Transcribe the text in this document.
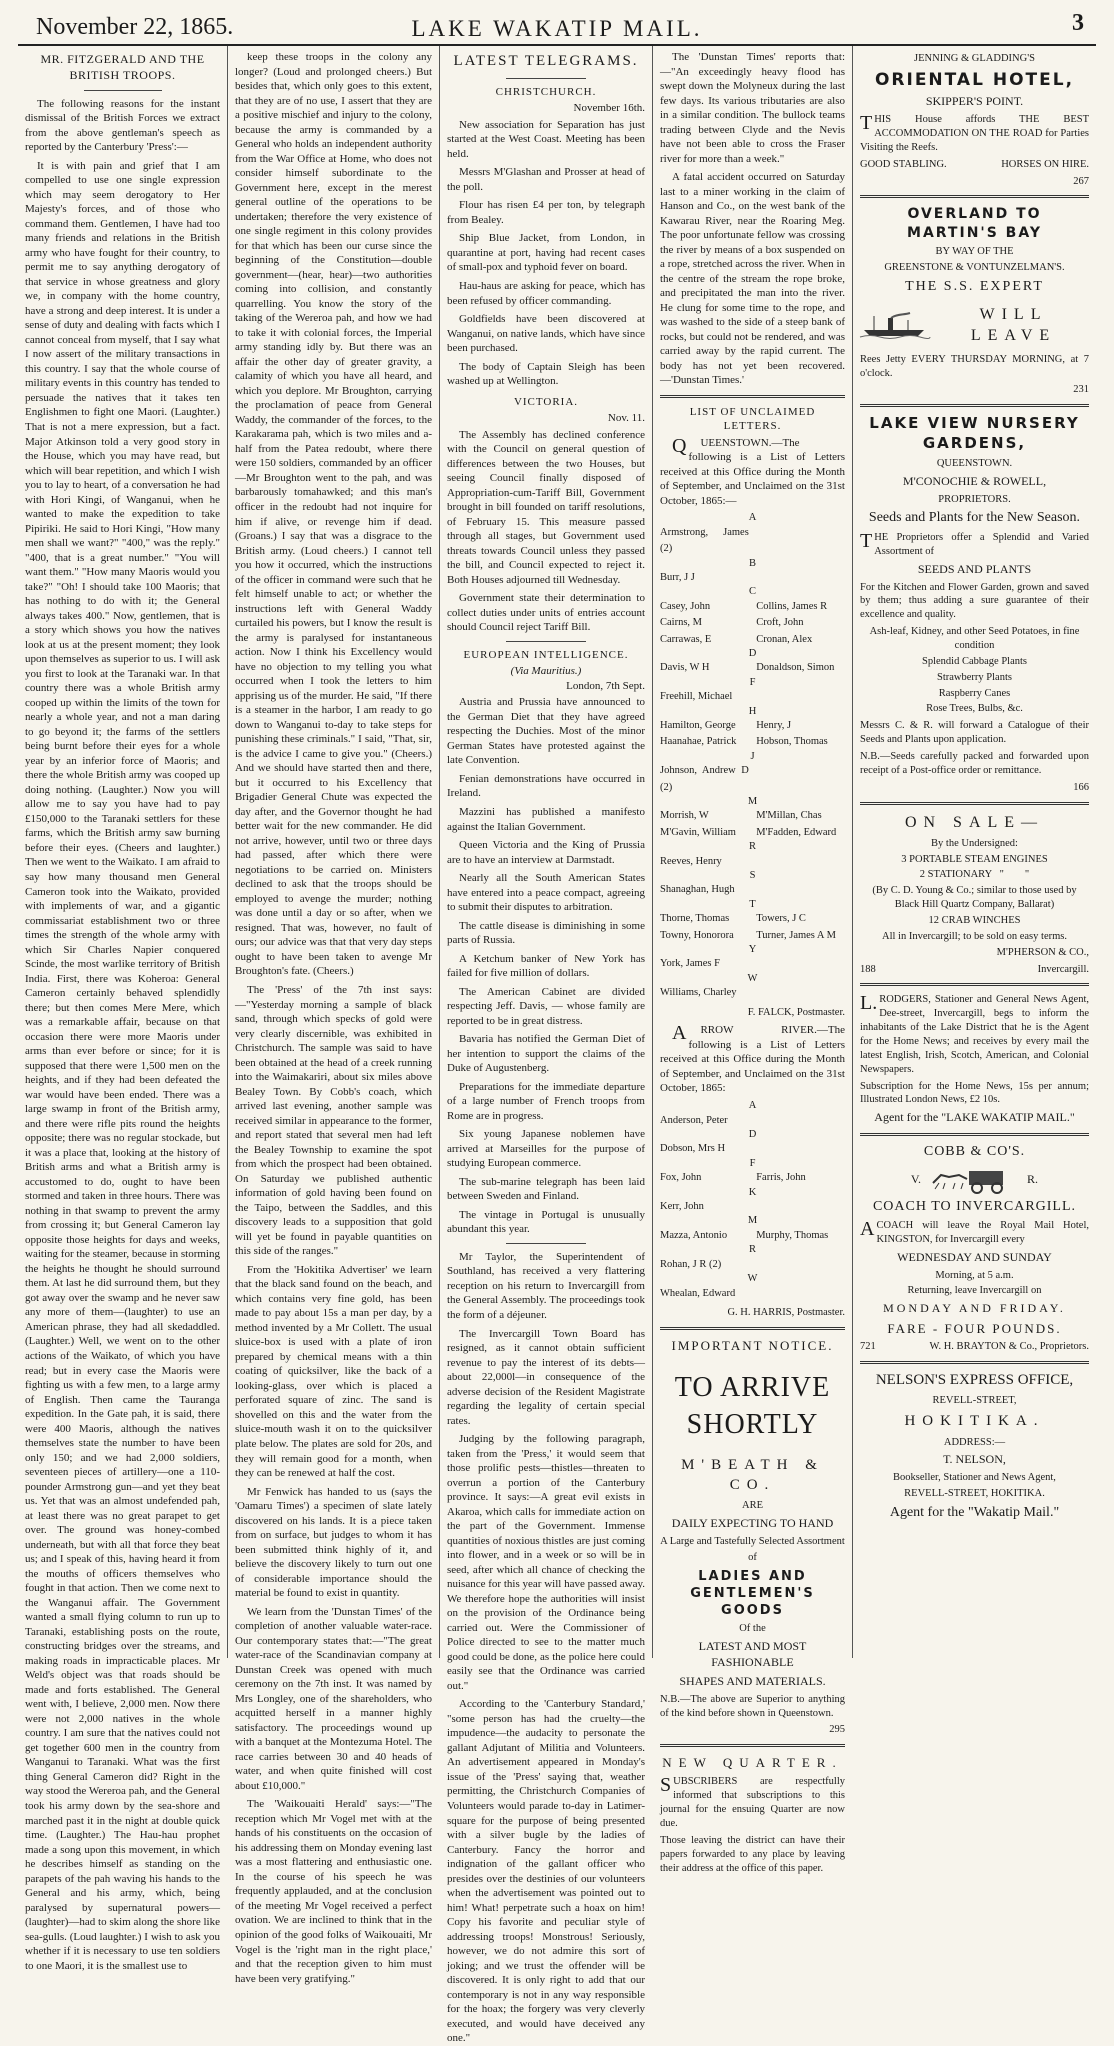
November 22, 1865.	LAKE WAKATIP MAIL.	3
MR. FITZGERALD AND THE BRITISH TROOPS.

The following reasons for the instant dismissal of the British Forces we extract from the above gentleman's speech as reported by the Canterbury 'Press':—

It is with pain and grief that I am compelled to use one single expression which may seem derogatory to Her Majesty's forces, and of those who command them. Gentlemen, I have had too many friends and relations in the British army who have fought for their country, to permit me to say anything derogatory of that service in whose greatness and glory we, in company with the home country, have a strong and deep interest. It is under a sense of duty and dealing with facts which I cannot conceal from myself, that I say what I now assert of the military transactions in this country. I say that the whole course of military events in this country has tended to persuade the natives that it takes ten Englishmen to fight one Maori. (Laughter.) That is not a mere expression, but a fact. Major Atkinson told a very good story in the House, which you may have read, but which will bear repetition, and which I wish you to lay to heart, of a conversation he had with Hori Kingi, of Wanganui, when he wanted to make the expedition to take Pipiriki. He said to Hori Kingi, "How many men shall we want?" "400," was the reply." "400, that is a great number." "You will want them." "How many Maoris would you take?" "Oh! I should take 100 Maoris; that has nothing to do with it; the General always takes 400." Now, gentlemen, that is a story which shows you how the natives look at us at the present moment; they look upon themselves as superior to us. I will ask you first to look at the Taranaki war. In that country there was a whole British army cooped up within the limits of the town for nearly a whole year, and not a man daring to go beyond it; the farms of the settlers being burnt before their eyes for a whole year by an inferior force of Maoris; and there the whole British army was cooped up doing nothing. (Laughter.) Now you will allow me to say you have had to pay £150,000 to the Taranaki settlers for these farms, which the British army saw burning before their eyes. (Cheers and laughter.) Then we went to the Waikato. I am afraid to say how many thousand men General Cameron took into the Waikato, provided with implements of war, and a gigantic commissariat establishment two or three times the strength of the whole army with which Sir Charles Napier conquered Scinde, the most warlike territory of British India. First, there was Koheroa: General Cameron certainly behaved splendidly there; but then comes Mere Mere, which was a remarkable affair, because on that occasion there were more Maoris under arms than ever before or since; for it is supposed that there were 1,500 men on the heights, and if they had been defeated the war would have been ended. There was a large swamp in front of the British army, and there were rifle pits round the heights opposite; there was no regular stockade, but it was a place that, looking at the history of British arms and what a British army is accustomed to do, ought to have been stormed and taken in three hours. There was nothing in that swamp to prevent the army from crossing it; but General Cameron lay opposite those heights for days and weeks, waiting for the steamer, because in storming the heights he thought he should surround them. At last he did surround them, but they got away over the swamp and he never saw any more of them—(laughter) to use an American phrase, they had all skedaddled. (Laughter.) Well, we went on to the other actions of the Waikato, of which you have read; but in every case the Maoris were fighting us with a few men, to a large army of English. Then came the Tauranga expedition. In the Gate pah, it is said, there were 400 Maoris, although the natives themselves state the number to have been only 150; and we had 2,000 soldiers, seventeen pieces of artillery—one a 110-pounder Armstrong gun—and yet they beat us. Yet that was an almost undefended pah, at least there was no great parapet to get over. The ground was honey-combed underneath, but with all that force they beat us; and I speak of this, having heard it from the mouths of officers themselves who fought in that action. Then we come next to the Wanganui affair. The Government wanted a small flying column to run up to Taranaki, establishing posts on the route, constructing bridges over the streams, and making roads in impracticable places. Mr Weld's object was that roads should be made and forts established. The General went with, I believe, 2,000 men. Now there were not 2,000 natives in the whole country. I am sure that the natives could not get together 600 men in the country from Wanganui to Taranaki. What was the first thing General Cameron did? Right in the way stood the Wereroa pah, and the General took his army down by the sea-shore and marched past it in the night at double quick time. (Laughter.) The Hau-hau prophet made a song upon this movement, in which he describes himself as standing on the parapets of the pah waving his hands to the General and his army, which, being paralysed by supernatural powers—(laughter)—had to skim along the shore like sea-gulls. (Loud laughter.) I wish to ask you whether if it is necessary to use ten soldiers to one Maori, it is the smallest use to

keep these troops in the colony any longer? (Loud and prolonged cheers.) But besides that, which only goes to this extent, that they are of no use, I assert that they are a positive mischief and injury to the colony, because the army is commanded by a General who holds an independent authority from the War Office at Home, who does not consider himself subordinate to the Government here, except in the merest general outline of the operations to be undertaken; therefore the very existence of one single regiment in this colony provides for that which has been our curse since the beginning of the Constitution—double government—(hear, hear)—two authorities coming into collision, and constantly quarrelling. You know the story of the taking of the Wereroa pah, and how we had to take it with colonial forces, the Imperial army standing idly by. But there was an affair the other day of greater gravity, a calamity of which you have all heard, and which you deplore. Mr Broughton, carrying the proclamation of peace from General Waddy, the commander of the forces, to the Karakarama pah, which is two miles and a-half from the Patea redoubt, where there were 150 soldiers, commanded by an officer—Mr Broughton went to the pah, and was barbarously tomahawked; and this man's officer in the redoubt had not inquire for him if alive, or revenge him if dead. (Groans.) I say that was a disgrace to the British army. (Loud cheers.) I cannot tell you how it occurred, which the instructions of the officer in command were such that he felt himself unable to act; or whether the instructions left with General Waddy curtailed his powers, but I know the result is the army is paralysed for instantaneous action. Now I think his Excellency would have no objection to my telling you what occurred when I took the letters to him apprising us of the murder. He said, "If there is a steamer in the harbor, I am ready to go down to Wanganui to-day to take steps for punishing these criminals." I said, "That, sir, is the advice I came to give you." (Cheers.) And we should have started then and there, but it occurred to his Excellency that Brigadier General Chute was expected the day after, and the Governor thought he had better wait for the new commander. He did not arrive, however, until two or three days had passed, after which there were negotiations to be carried on. Ministers declined to ask that the troops should be employed to avenge the murder; nothing was done until a day or so after, when we resigned. That was, however, no fault of ours; our advice was that that very day steps ought to have been taken to avenge Mr Broughton's fate. (Cheers.)

The 'Press' of the 7th inst says:—"Yesterday morning a sample of black sand, through which specks of gold were very clearly discernible, was exhibited in Christchurch. The sample was said to have been obtained at the head of a creek running into the Waimakariri, about six miles above Bealey Town. By Cobb's coach, which arrived last evening, another sample was received similar in appearance to the former, and report stated that several men had left the Bealey Township to examine the spot from which the prospect had been obtained. On Saturday we published authentic information of gold having been found on the Taipo, between the Saddles, and this discovery leads to a supposition that gold will yet be found in payable quantities on this side of the ranges."

From the 'Hokitika Advertiser' we learn that the black sand found on the beach, and which contains very fine gold, has been made to pay about 15s a man per day, by a method invented by a Mr Collett. The usual sluice-box is used with a plate of iron prepared by chemical means with a thin coating of quicksilver, like the back of a looking-glass, over which is placed a perforated square of zinc. The sand is shovelled on this and the water from the sluice-mouth wash it on to the quicksilver plate below. The plates are sold for 20s, and they will remain good for a month, when they can be renewed at half the cost.

Mr Fenwick has handed to us (says the 'Oamaru Times') a specimen of slate lately discovered on his lands. It is a piece taken from on surface, but judges to whom it has been submitted think highly of it, and believe the discovery likely to turn out one of considerable importance should the material be found to exist in quantity.

We learn from the 'Dunstan Times' of the completion of another valuable water-race. Our contemporary states that:—"The great water-race of the Scandinavian company at Dunstan Creek was opened with much ceremony on the 7th inst. It was named by Mrs Longley, one of the shareholders, who acquitted herself in a manner highly satisfactory. The proceedings wound up with a banquet at the Montezuma Hotel. The race carries between 30 and 40 heads of water, and when quite finished will cost about £10,000."

The 'Waikouaiti Herald' says:—"The reception which Mr Vogel met with at the hands of his constituents on the occasion of his addressing them on Monday evening last was a most flattering and enthusiastic one. In the course of his speech he was frequently applauded, and at the conclusion of the meeting Mr Vogel received a perfect ovation. We are inclined to think that in the opinion of the good folks of Waikouaiti, Mr Vogel is the 'right man in the right place,' and that the reception given to him must have been very gratifying."

LATEST TELEGRAMS.
CHRISTCHURCH.
November 16th.

New association for Separation has just started at the West Coast. Meeting has been held.

Messrs M'Glashan and Prosser at head of the poll.

Flour has risen £4 per ton, by telegraph from Bealey.

Ship Blue Jacket, from London, in quarantine at port, having had recent cases of small-pox and typhoid fever on board.

Hau-haus are asking for peace, which has been refused by officer commanding.

Goldfields have been discovered at Wanganui, on native lands, which have since been purchased.

The body of Captain Sleigh has been washed up at Wellington.

VICTORIA.
Nov. 11.

The Assembly has declined conference with the Council on general question of differences between the two Houses, but seeing Council finally disposed of Appropriation-cum-Tariff Bill, Government brought in bill founded on tariff resolutions, of February 15. This measure passed through all stages, but Government used threats towards Council unless they passed the bill, and Council expected to reject it. Both Houses adjourned till Wednesday.

Government state their determination to collect duties under units of entries account should Council reject Tariff Bill.

EUROPEAN INTELLIGENCE.
(Via Mauritius.)
London, 7th Sept.

Austria and Prussia have announced to the German Diet that they have agreed respecting the Duchies. Most of the minor German States have protested against the late Convention.

Fenian demonstrations have occurred in Ireland.

Mazzini has published a manifesto against the Italian Government.

Queen Victoria and the King of Prussia are to have an interview at Darmstadt.

Nearly all the South American States have entered into a peace compact, agreeing to submit their disputes to arbitration.

The cattle disease is diminishing in some parts of Russia.

A Ketchum banker of New York has failed for five million of dollars.

The American Cabinet are divided respecting Jeff. Davis, — whose family are reported to be in great distress.

Bavaria has notified the German Diet of her intention to support the claims of the Duke of Augustenberg.

Preparations for the immediate departure of a large number of French troops from Rome are in progress.

Six young Japanese noblemen have arrived at Marseilles for the purpose of studying European commerce.

The sub-marine telegraph has been laid between Sweden and Finland.

The vintage in Portugal is unusually abundant this year.

Mr Taylor, the Superintendent of Southland, has received a very flattering reception on his return to Invercargill from the General Assembly. The proceedings took the form of a déjeuner.

The Invercargill Town Board has resigned, as it cannot obtain sufficient revenue to pay the interest of its debts—about 22,000l—in consequence of the adverse decision of the Resident Magistrate regarding the legality of certain special rates.

Judging by the following paragraph, taken from the 'Press,' it would seem that those prolific pests—thistles—threaten to overrun a portion of the Canterbury province. It says:—A great evil exists in Akaroa, which calls for immediate action on the part of the Government. Immense quantities of noxious thistles are just coming into flower, and in a week or so will be in seed, after which all chance of checking the nuisance for this year will have passed away. We therefore hope the authorities will insist on the provision of the Ordinance being carried out. Were the Commissioner of Police directed to see to the matter much good could be done, as the police here could easily see that the Ordinance was carried out."

According to the 'Canterbury Standard,' "some person has had the cruelty—the impudence—the audacity to personate the gallant Adjutant of Militia and Volunteers. An advertisement appeared in Monday's issue of the 'Press' saying that, weather permitting, the Christchurch Companies of Volunteers would parade to-day in Latimer-square for the purpose of being presented with a silver bugle by the ladies of Canterbury. Fancy the horror and indignation of the gallant officer who presides over the destinies of our volunteers when the advertisement was pointed out to him! What! perpetrate such a hoax on him! Copy his favorite and peculiar style of addressing troops! Monstrous! Seriously, however, we do not admire this sort of joking; and we trust the offender will be discovered. It is only right to add that our contemporary is not in any way responsible for the hoax; the forgery was very cleverly executed, and would have deceived any one."

The 'Dunstan Times' reports that:—"An exceedingly heavy flood has swept down the Molyneux during the last few days. Its various tributaries are also in a similar condition. The bullock teams trading between Clyde and the Nevis have not been able to cross the Fraser river for more than a week."

A fatal accident occurred on Saturday last to a miner working in the claim of Hanson and Co., on the west bank of the Kawarau River, near the Roaring Meg. The poor unfortunate fellow was crossing the river by means of a box suspended on a rope, stretched across the river. When in the centre of the stream the rope broke, and precipitated the man into the river. He clung for some time to the rope, and was washed to the side of a steep bank of rocks, but could not be rendered, and was carried away by the rapid current. The body has not yet been recovered.—'Dunstan Times.'

LIST OF UNCLAIMED LETTERS.

QUEENSTOWN.—The following is a List of Letters received at this Office during the Month of September, and Unclaimed on the 31st October, 1865:—

A
Armstrong, James (2)
B
Burr, J J
C
Casey, John	Collins, James R
Cairns, M	Croft, John
Carrawas, E	Cronan, Alex
D
Davis, W H	Donaldson, Simon
F
Freehill, Michael
H
Hamilton, George	Henry, J
Haanahae, Patrick	Hobson, Thomas
J
Johnson, Andrew D (2)
M
Morrish, W	M'Millan, Chas
M'Gavin, William	M'Fadden, Edward
R
Reeves, Henry
S
Shanaghan, Hugh
T
Thorne, Thomas	Towers, J C
Towny, Honorora	Turner, James A M
Y
York, James F
W
Williams, Charley
F. FALCK, Postmaster.

ARROW RIVER.—The following is a List of Letters received at this Office during the Month of September, and Unclaimed on the 31st October, 1865:

A
Anderson, Peter
D
Dobson, Mrs H
F
Fox, John	Farris, John
K
Kerr, John
M
Mazza, Antonio	Murphy, Thomas
R
Rohan, J R (2)
W
Whealan, Edward
G. H. HARRIS, Postmaster.
IMPORTANT NOTICE.
TO ARRIVE SHORTLY
M'BEATH & CO.
ARE
DAILY EXPECTING TO HAND
A Large and Tastefully Selected Assortment
of
LADIES AND GENTLEMEN'S GOODS
Of the
LATEST AND MOST FASHIONABLE
SHAPES AND MATERIALS.
N.B.—The above are Superior to anything of the kind before shown in Queenstown.
295
NEW QUARTER.
SUBSCRIBERS are respectfully informed that subscriptions to this journal for the ensuing Quarter are now due.
Those leaving the district can have their papers forwarded to any place by leaving their address at the office of this paper.
JENNING & GLADDING'S
ORIENTAL HOTEL,
SKIPPER'S POINT.
THIS House affords THE BEST ACCOMMODATION ON THE ROAD for Parties Visiting the Reefs.
GOOD STABLING.	HORSES ON HIRE.
267
OVERLAND TO MARTIN'S BAY
BY WAY OF THE
GREENSTONE & VONTUNZELMAN'S.
THE S.S. EXPERT
WILL LEAVE
Rees Jetty EVERY THURSDAY MORNING, at 7 o'clock.
231
LAKE VIEW NURSERY GARDENS,
QUEENSTOWN.
M'CONOCHIE & ROWELL,
PROPRIETORS.
Seeds and Plants for the New Season.
THE Proprietors offer a Splendid and Varied Assortment of
SEEDS AND PLANTS
For the Kitchen and Flower Garden, grown and saved by them; thus adding a sure guarantee of their excellence and quality.
Ash-leaf, Kidney, and other Seed Potatoes, in fine condition
Splendid Cabbage Plants
Strawberry Plants
Raspberry Canes
Rose Trees, Bulbs, &c.
Messrs C. & R. will forward a Catalogue of their Seeds and Plants upon application.
N.B.—Seeds carefully packed and forwarded upon receipt of a Post-office order or remittance.
166
ON SALE—
By the Undersigned:
3 PORTABLE STEAM ENGINES
2 STATIONARY   "        "
(By C. D. Young & Co.; similar to those used by Black Hill Quartz Company, Ballarat)
12 CRAB WINCHES
All in Invercargill; to be sold on easy terms.
M'PHERSON & CO.,
188	Invercargill.
L.RODGERS, Stationer and General News Agent, Dee-street, Invercargill, begs to inform the inhabitants of the Lake District that he is the Agent for the Home News; and receives by every mail the latest English, Irish, Scotch, American, and Colonial Newspapers.
Subscription for the Home News, 15s per annum; Illustrated London News, £2 10s.
Agent for the "LAKE WAKATIP MAIL."
COBB & CO'S.
V.	R.
COACH TO INVERCARGILL.
ACOACH will leave the Royal Mail Hotel, KINGSTON, for Invercargill every
WEDNESDAY AND SUNDAY
Morning, at 5 a.m.
Returning, leave Invercargill on
MONDAY AND FRIDAY.
FARE - FOUR POUNDS.
721	W. H. BRAYTON & Co., Proprietors.
NELSON'S EXPRESS OFFICE,
REVELL-STREET,
HOKITIKA.
ADDRESS:—
T. NELSON,
Bookseller, Stationer and News Agent,
REVELL-STREET, HOKITIKA.
Agent for the "Wakatip Mail."
